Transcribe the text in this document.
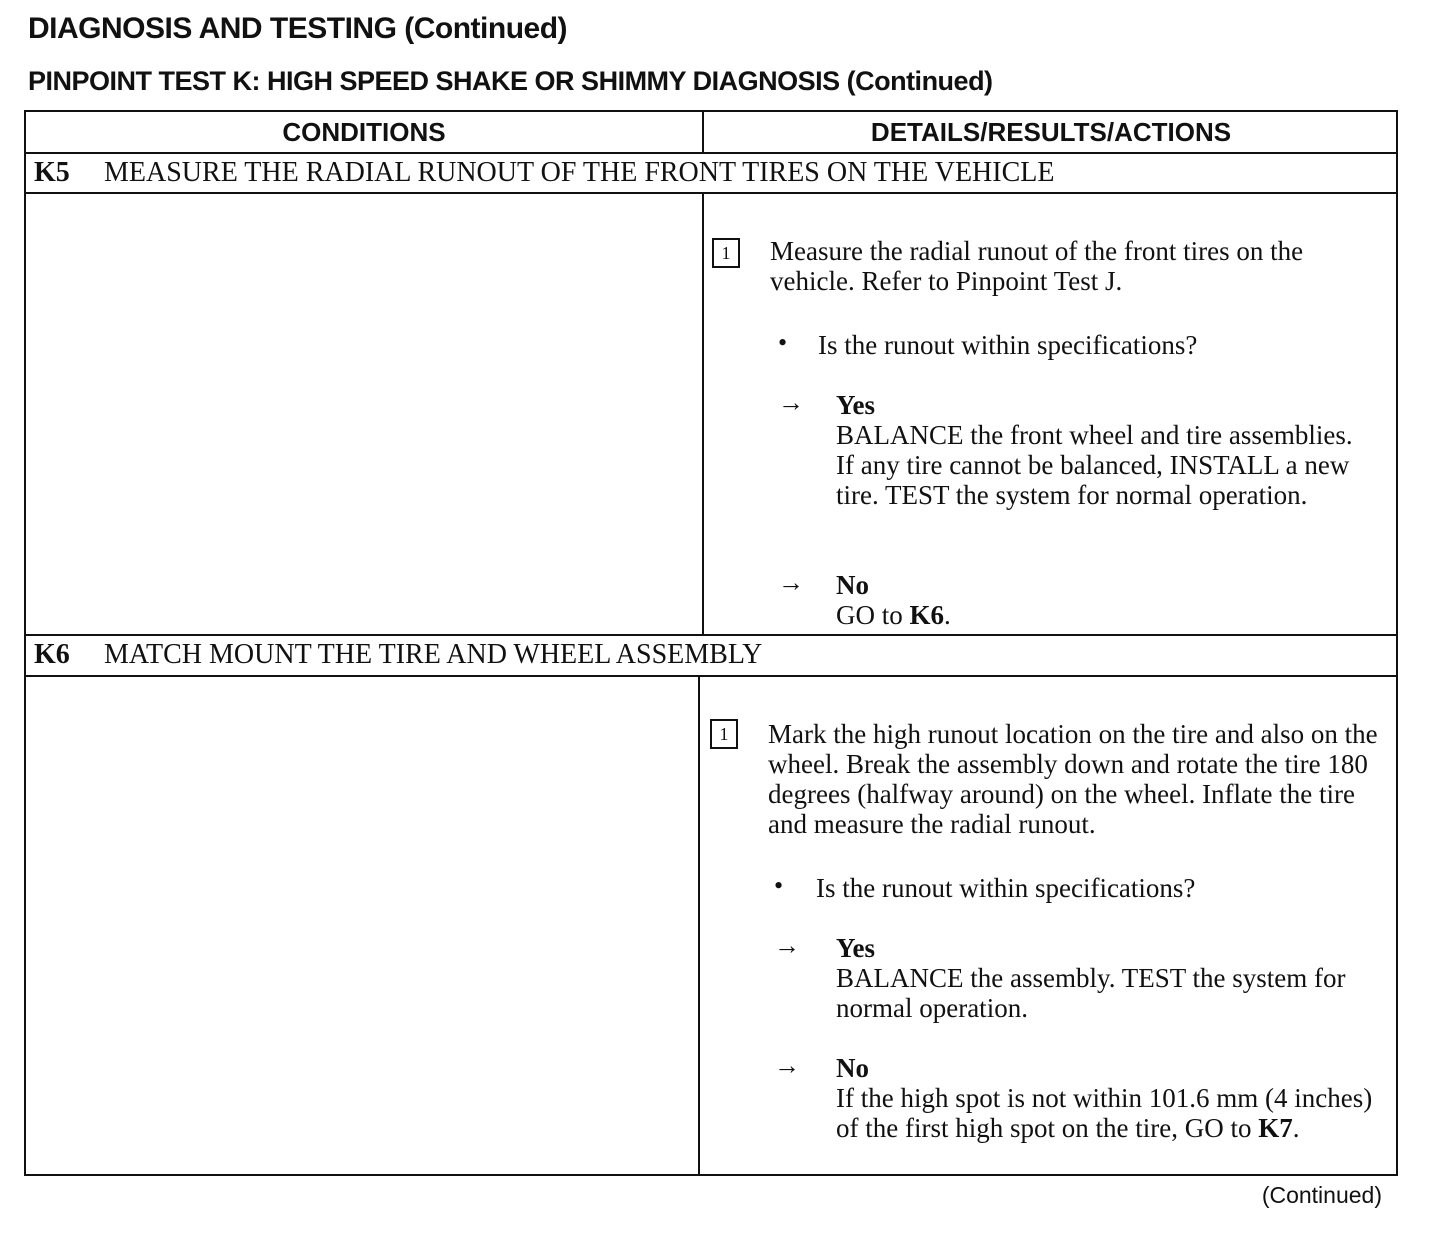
DIAGNOSIS AND TESTING (Continued)
PINPOINT TEST K: HIGH SPEED SHAKE OR SHIMMY DIAGNOSIS (Continued)
CONDITIONS	DETAILS/RESULTS/ACTIONS
K5 MEASURE THE RADIAL RUNOUT OF THE FRONT TIRES ON THE VEHICLE
1	Measure the radial runout of the front tires on the vehicle. Refer to Pinpoint Test J.
• Is the runout within specifications?
→ Yes
BALANCE the front wheel and tire assemblies. If any tire cannot be balanced, INSTALL a new tire. TEST the system for normal operation.
→ No
GO to K6.
K6 MATCH MOUNT THE TIRE AND WHEEL ASSEMBLY
1	Mark the high runout location on the tire and also on the wheel. Break the assembly down and rotate the tire 180 degrees (halfway around) on the wheel. Inflate the tire and measure the radial runout.
• Is the runout within specifications?
→ Yes
BALANCE the assembly. TEST the system for normal operation.
→ No
If the high spot is not within 101.6 mm (4 inches) of the first high spot on the tire, GO to K7.
(Continued)
